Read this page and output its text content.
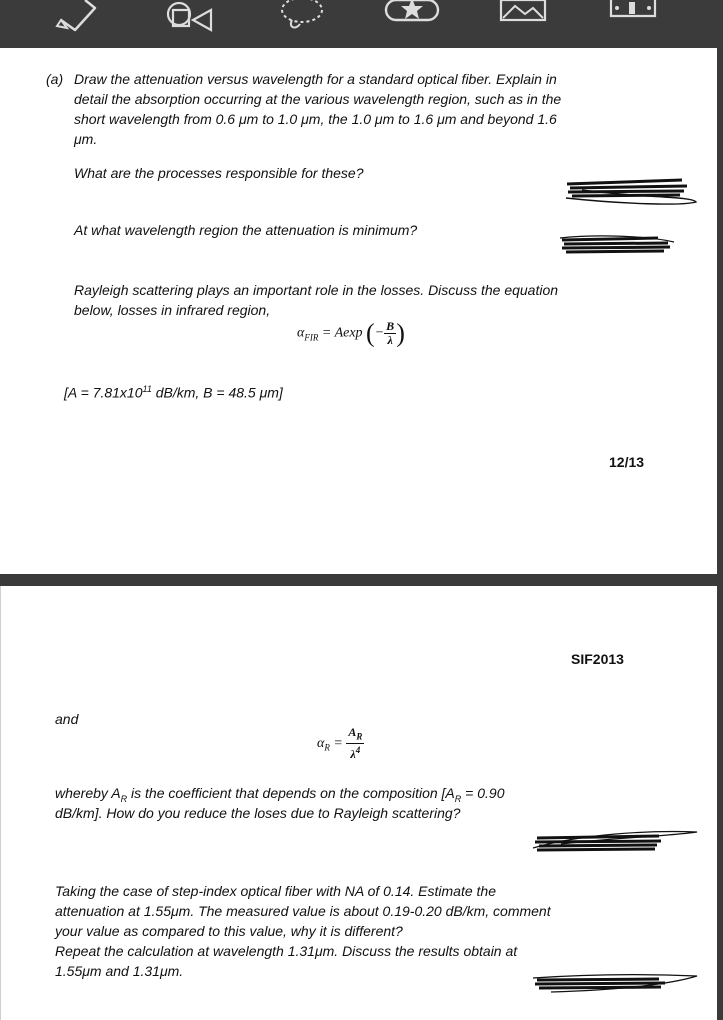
(a) Draw the attenuation versus wavelength for a standard optical fiber. Explain in
detail the absorption occurring at the various wavelength region, such as in the
short wavelength from 0.6 μm to 1.0 μm, the 1.0 μm to 1.6 μm and beyond 1.6
μm.
What are the processes responsible for these?
At what wavelength region the attenuation is minimum?
Rayleigh scattering plays an important role in the losses. Discuss the equation
below, losses in infrared region,
$\alpha_{FIR} = Aexp$ (− $\frac{B}{\lambda}$ )
[$A = 7.81x10^{11}$ dB/km, B = 48.5 μm]
12/13
SIF2013
and
$\alpha_R = \frac{A_R}{\lambda^4}$
whereby $A_R$ is the coefficient that depends on the composition [$A_R = 0.90$
dB/km]. How do you reduce the loses due to Rayleigh scattering?
Taking the case of step-index optical fiber with NA of 0.14. Estimate the
attenuation at 1.55μm. The measured value is about 0.19-0.20 dB/km, comment
your value as compared to this value, why it is different?
Repeat the calculation at wavelength 1.31μm. Discuss the results obtain at
1.55μm and 1.31μm.
